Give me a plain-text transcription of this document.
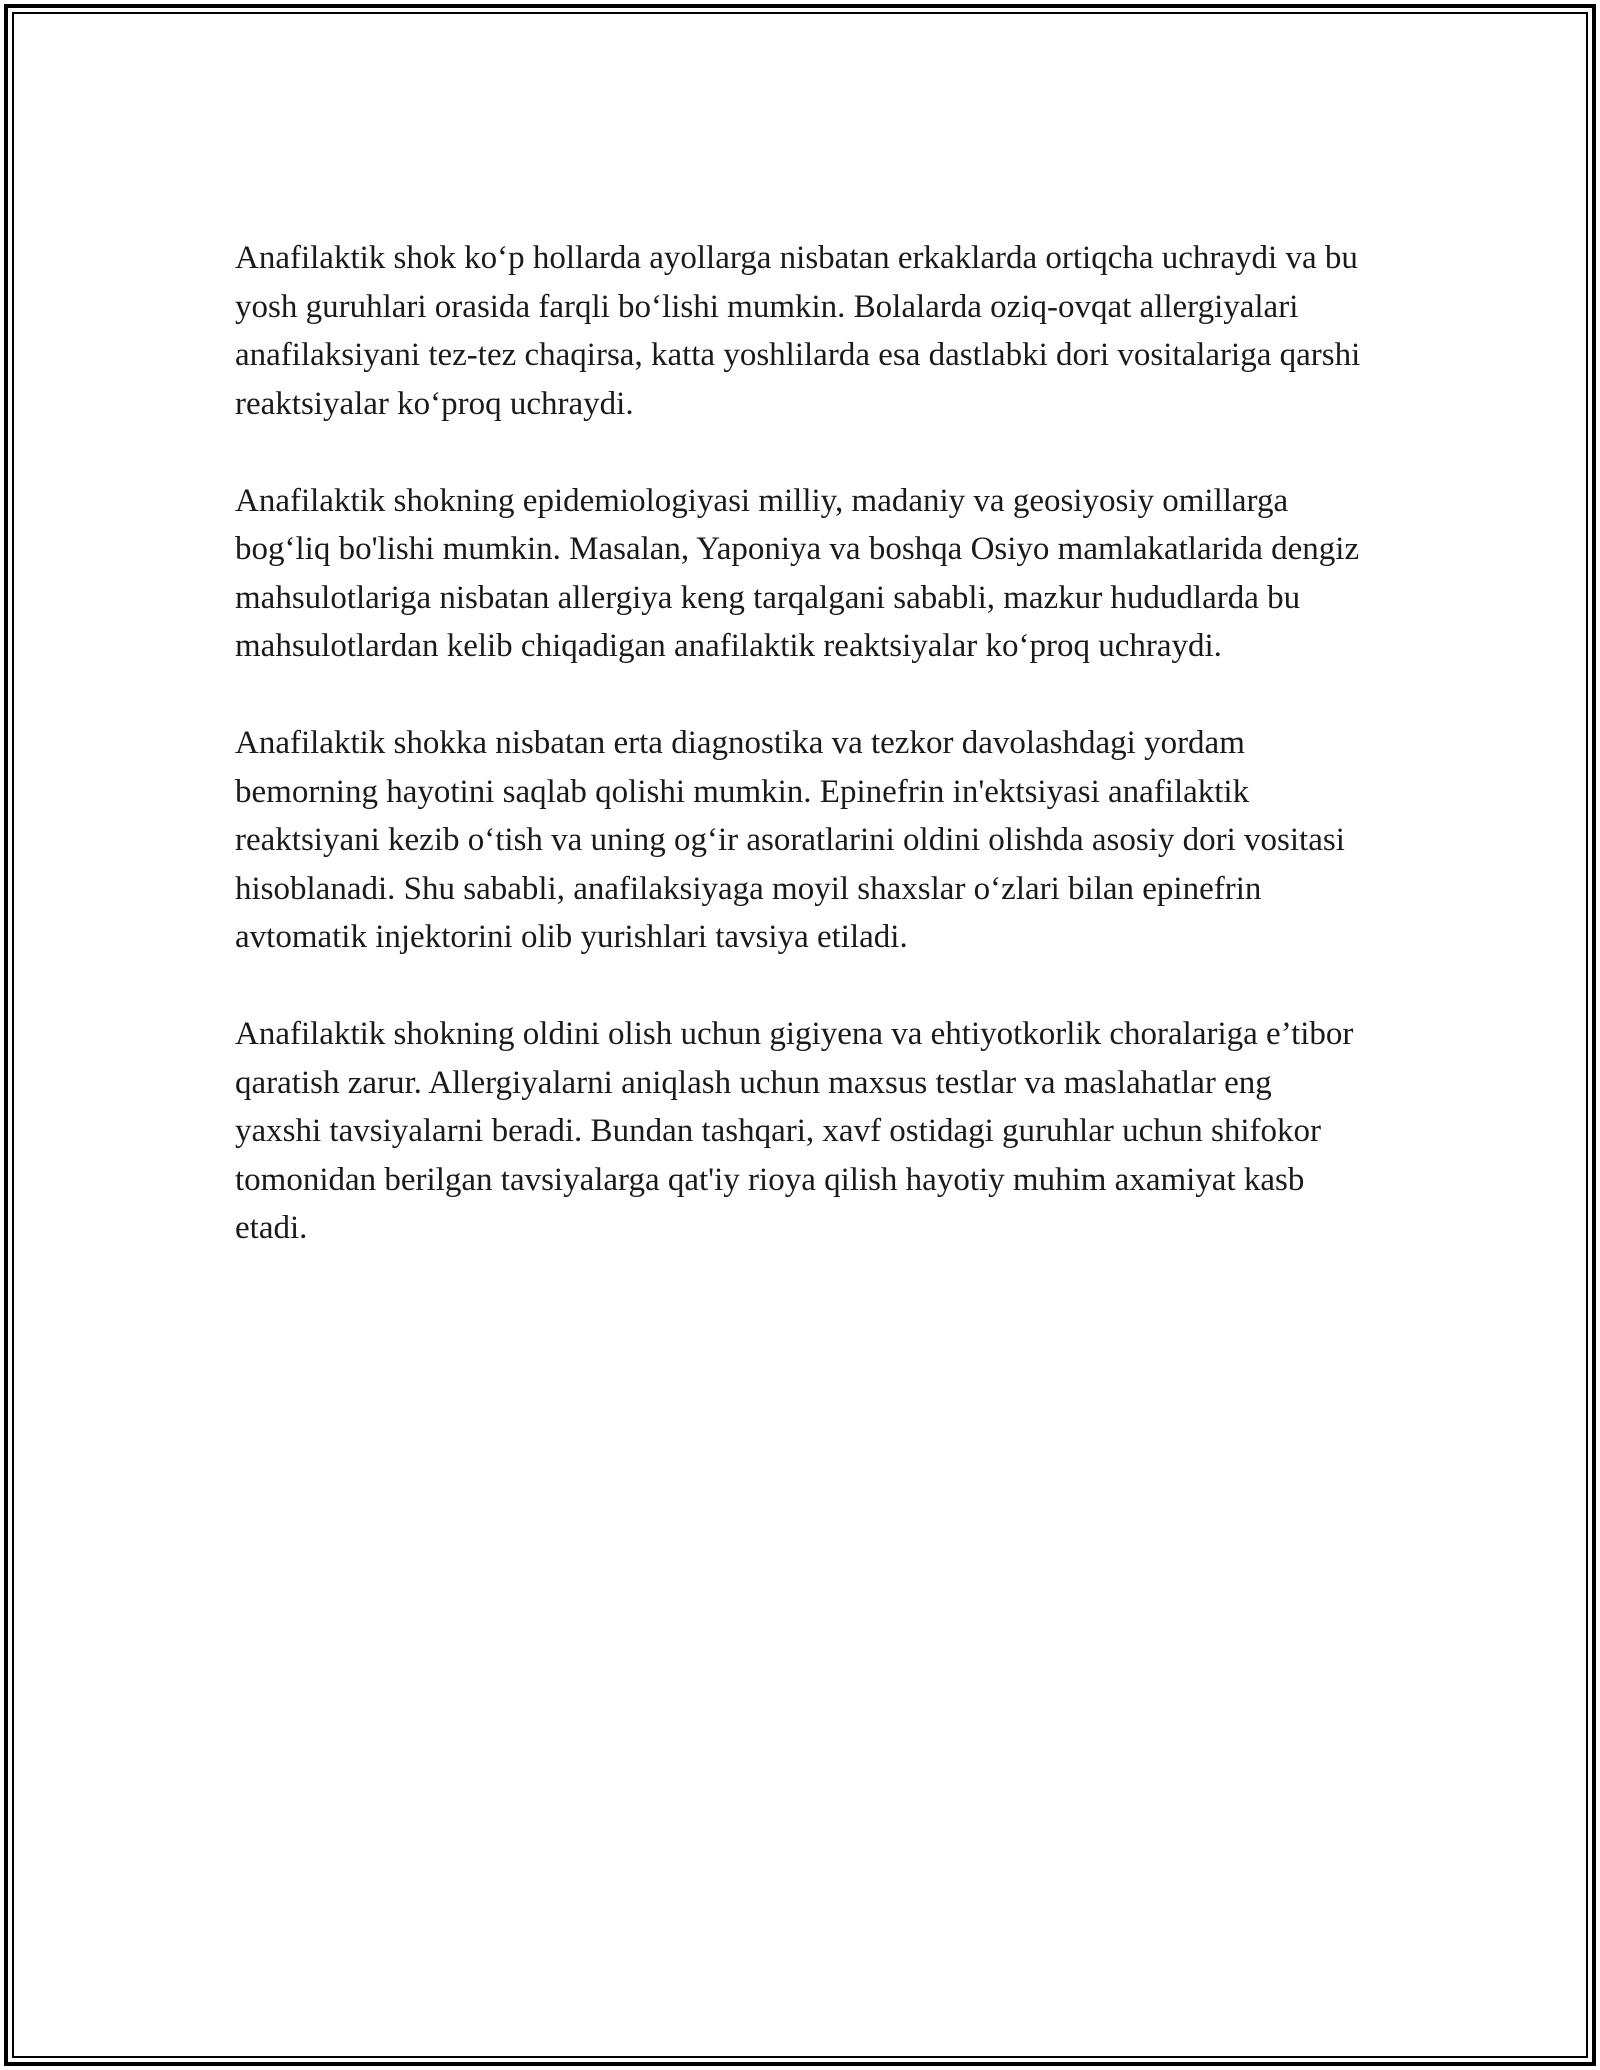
Anafilaktik shok koʻp hollarda ayollarga nisbatan erkaklarda ortiqcha uchraydi va bu yosh guruhlari orasida farqli boʻlishi mumkin. Bolalarda oziq-ovqat allergiyalari anafilaksiyani tez-tez chaqirsa, katta yoshlilarda esa dastlabki dori vositalariga qarshi reaktsiyalar koʻproq uchraydi.

Anafilaktik shokning epidemiologiyasi milliy, madaniy va geosiyosiy omillarga bogʻliq bo'lishi mumkin. Masalan, Yaponiya va boshqa Osiyo mamlakatlarida dengiz mahsulotlariga nisbatan allergiya keng tarqalgani sababli, mazkur hududlarda bu mahsulotlardan kelib chiqadigan anafilaktik reaktsiyalar koʻproq uchraydi.

Anafilaktik shokka nisbatan erta diagnostika va tezkor davolashdagi yordam bemorning hayotini saqlab qolishi mumkin. Epinefrin in'ektsiyasi anafilaktik reaktsiyani kezib oʻtish va uning ogʻir asoratlarini oldini olishda asosiy dori vositasi hisoblanadi. Shu sababli, anafilaksiyaga moyil shaxslar oʻzlari bilan epinefrin avtomatik injektorini olib yurishlari tavsiya etiladi.

Anafilaktik shokning oldini olish uchun gigiyena va ehtiyotkorlik choralariga e’tibor qaratish zarur. Allergiyalarni aniqlash uchun maxsus testlar va maslahatlar eng yaxshi tavsiyalarni beradi. Bundan tashqari, xavf ostidagi guruhlar uchun shifokor tomonidan berilgan tavsiyalarga qat'iy rioya qilish hayotiy muhim axamiyat kasb etadi.
